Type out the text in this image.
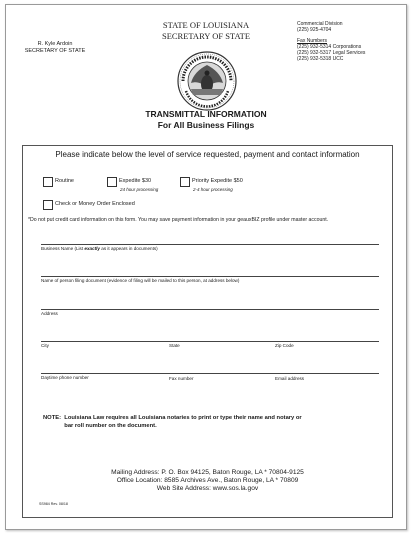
R. Kyle Ardoin
SECRETARY OF STATE
STATE OF LOUISIANA
SECRETARY OF STATE
Commercial Division
(225) 925-4704
Fax Numbers
(225) 932-5314 Corporations
(225) 932-5317 Legal Services
(225) 932-5318 UCC
TRANSMITTAL INFORMATION
For All Business Filings
Please indicate below the level of service requested, payment and contact information
Routine	Expedite $30
24 hour processing
Priority Expedite $50
2-4 hour processing
Check or Money Order Enclosed
*Do not put credit card information on this form. You may save payment information in your geauxBIZ profile under master account.
Business Name (List exactly as it appears in documents)
Name of person filing document (evidence of filing will be mailed to this person, at address below)
Address
City	State	Zip Code
Daytime phone number	Fax number	Email address
NOTE: Louisiana Law requires all Louisiana notaries to print or type their name and notary or
bar roll number on the document.
Mailing Address: P. O. Box 94125, Baton Rouge, LA * 70804-9125
Office Location: 8585 Archives Ave., Baton Rouge, LA * 70809
Web Site Address: www.sos.la.gov
SS984 Rev. 08/18
